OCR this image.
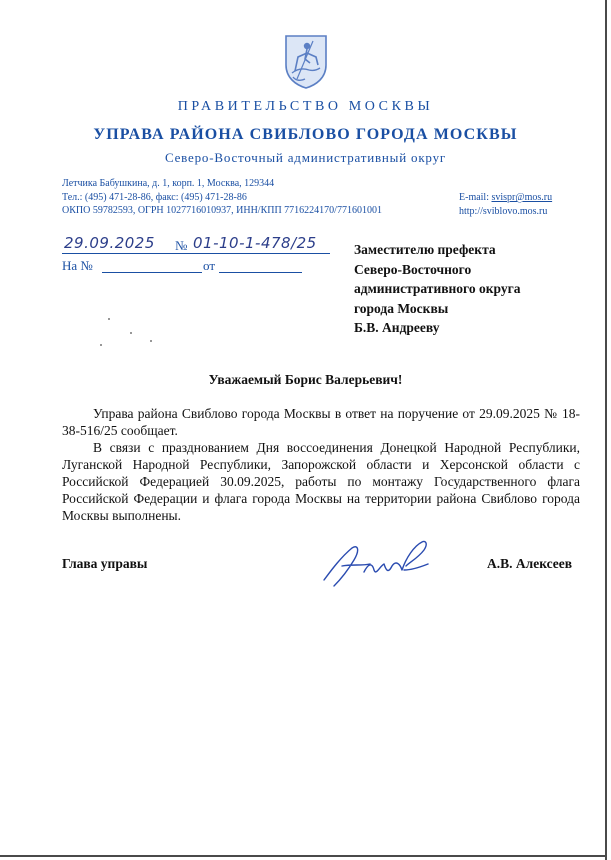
ПРАВИТЕЛЬСТВО МОСКВЫ
УПРАВА РАЙОНА СВИБЛОВО ГОРОДА МОСКВЫ
Северо-Восточный административный округ
Летчика Бабушкина, д. 1, корп. 1, Москва, 129344
Тел.: (495) 471-28-86, факс: (495) 471-28-86
ОКПО 59782593, ОГРН 1027716010937, ИНН/КПП 7716224170/771601001
E-mail: svispr@mos.ru
http://sviblovo.mos.ru
29.09.2025 № 01-10-1-478/25
На №	от
Заместителю префекта
Северо-Восточного
административного округа
города Москвы
Б.В. Андрееву
Уважаемый Борис Валерьевич!

Управа района Свиблово города Москвы в ответ на поручение от 29.09.2025 № 18-38-516/25 сообщает.

В связи с празднованием Дня воссоединения Донецкой Народной Республики, Луганской Народной Республики, Запорожской области и Херсонской области с Российской Федерацией 30.09.2025, работы по монтажу Государственного флага Российской Федерации и флага города Москвы на территории района Свиблово города Москвы выполнены.

Глава управы	А.В. Алексеев
